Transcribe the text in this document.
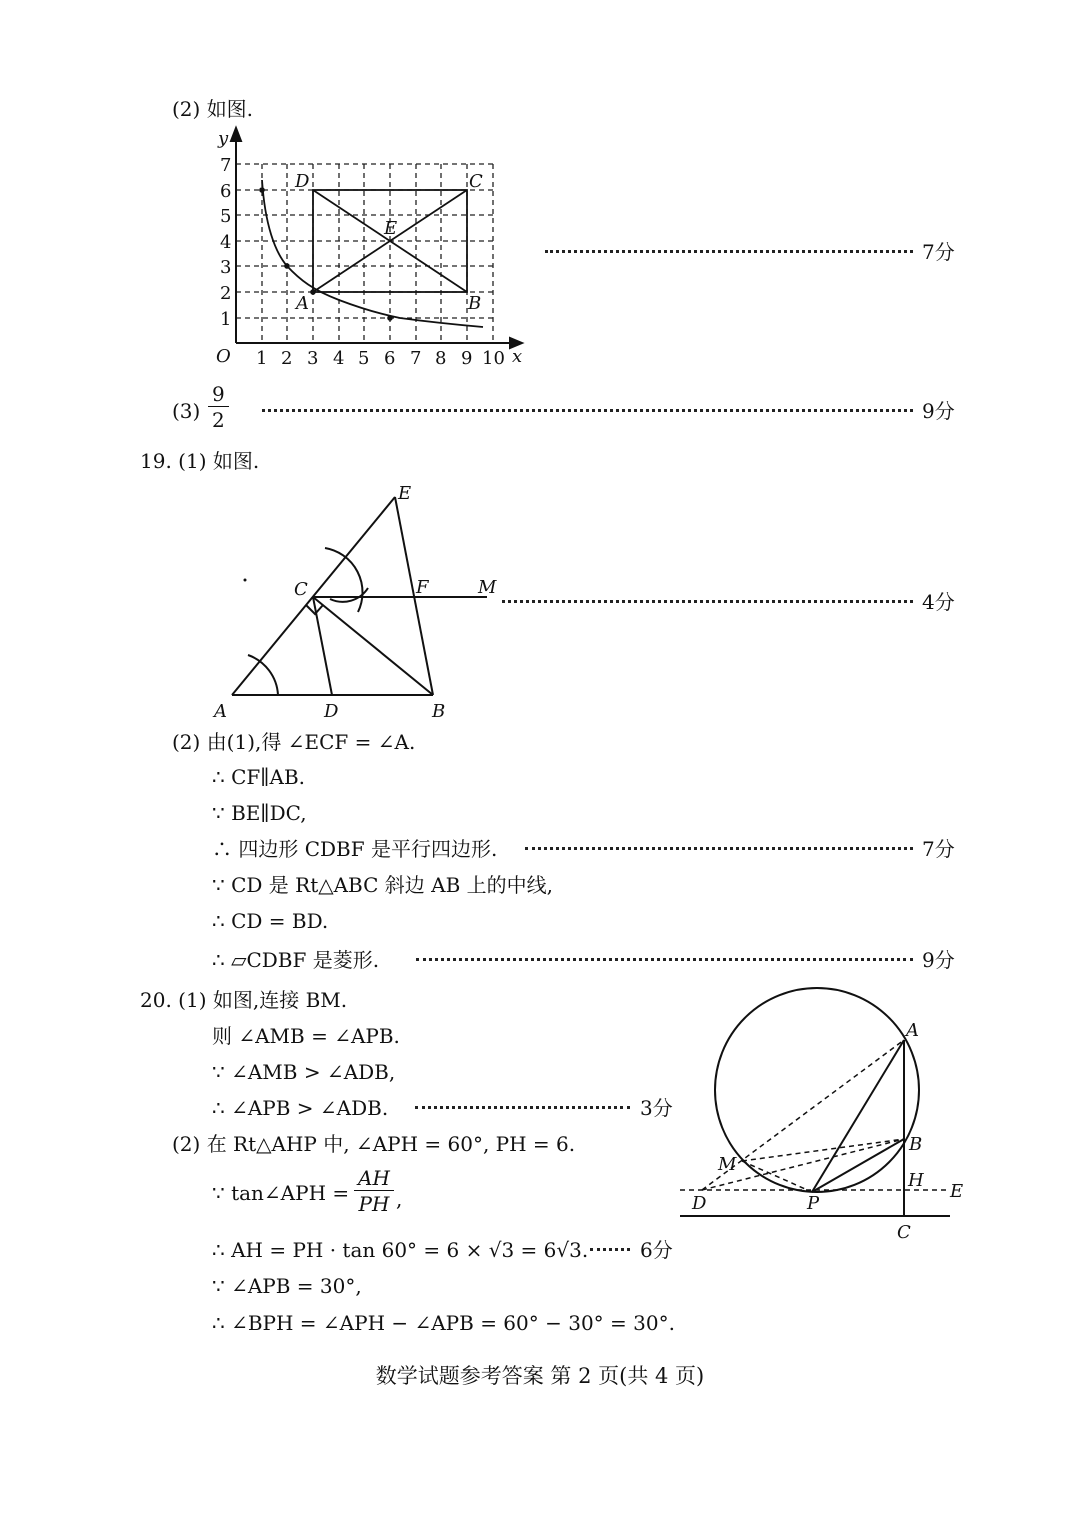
(2) 如图.
y
x
O
7
6
5
4
3
2
1
1 2 3 4 5 6 7 8 9 10
D	C
E
A	B
7分
$(3) \frac{9}{2}$	9分
19. (1) 如图.
E
C	F	M
A	D	B
4分
(2) 由(1),得 ∠ECF = ∠A.
∴ CF∥AB.
∵ BE∥DC,
∴ 四边形 CDBF 是平行四边形.	7分
∵ CD 是 Rt△ABC 斜边 AB 上的中线,
∴ CD = BD.
∴ ▱CDBF 是菱形.	9分
20. (1) 如图,连接 BM.
则 ∠AMB = ∠APB.
∵ ∠AMB > ∠ADB,
∴ ∠APB > ∠ADB.	3分
(2) 在 Rt△AHP 中, ∠APH = 60°, PH = 6.
∵ tan∠APH = $\frac{AH}{PH}$ ,
∴ AH = PH · tan 60° = 6 × √3 = 6√3.	6分
∵ ∠APB = 30°,
∴ ∠BPH = ∠APH − ∠APB = 60° − 30° = 30°.
A
B
M
H
E
D	P
C
数学试题参考答案 第 2 页(共 4 页)
